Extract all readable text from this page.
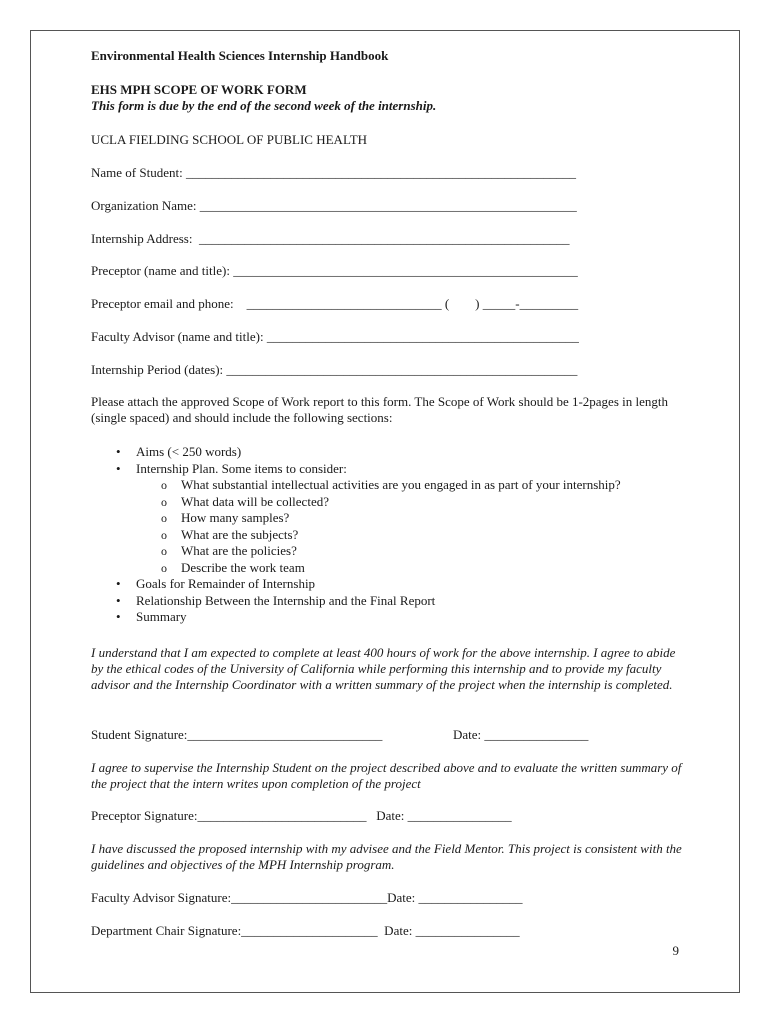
Environmental Health Sciences Internship Handbook
EHS MPH SCOPE OF WORK FORM
This form is due by the end of the second week of the internship.
UCLA FIELDING SCHOOL OF PUBLIC HEALTH
Name of Student: ____________________________________________________________
Organization Name: __________________________________________________________
Internship Address:  _________________________________________________________
Preceptor (name and title): _____________________________________________________
Preceptor email and phone:    ______________________________ (        ) _____-_________
Faculty Advisor (name and title): ________________________________________________
Internship Period (dates): ______________________________________________________
Please attach the approved Scope of Work report to this form. The Scope of Work should be 1-2pages in length (single spaced) and should include the following sections:
• Aims (< 250 words)
• Internship Plan. Some items to consider:
o What substantial intellectual activities are you engaged in as part of your internship?
o What data will be collected?
o How many samples?
o What are the subjects?
o What are the policies?
o Describe the work team
• Goals for Remainder of Internship
• Relationship Between the Internship and the Final Report
• Summary
I understand that I am expected to complete at least 400 hours of work for the above internship. I agree to abide by the ethical codes of the University of California while performing this internship and to provide my faculty advisor and the Internship Coordinator with a written summary of the project when the internship is completed.
Student Signature:______________________________	Date: ________________
I agree to supervise the Internship Student on the project described above and to evaluate the written summary of the project that the intern writes upon completion of the project
Preceptor Signature:__________________________   Date: ________________
I have discussed the proposed internship with my advisee and the Field Mentor. This project is consistent with the guidelines and objectives of the MPH Internship program.
Faculty Advisor Signature:________________________Date: ________________
Department Chair Signature:_____________________  Date: ________________
9
